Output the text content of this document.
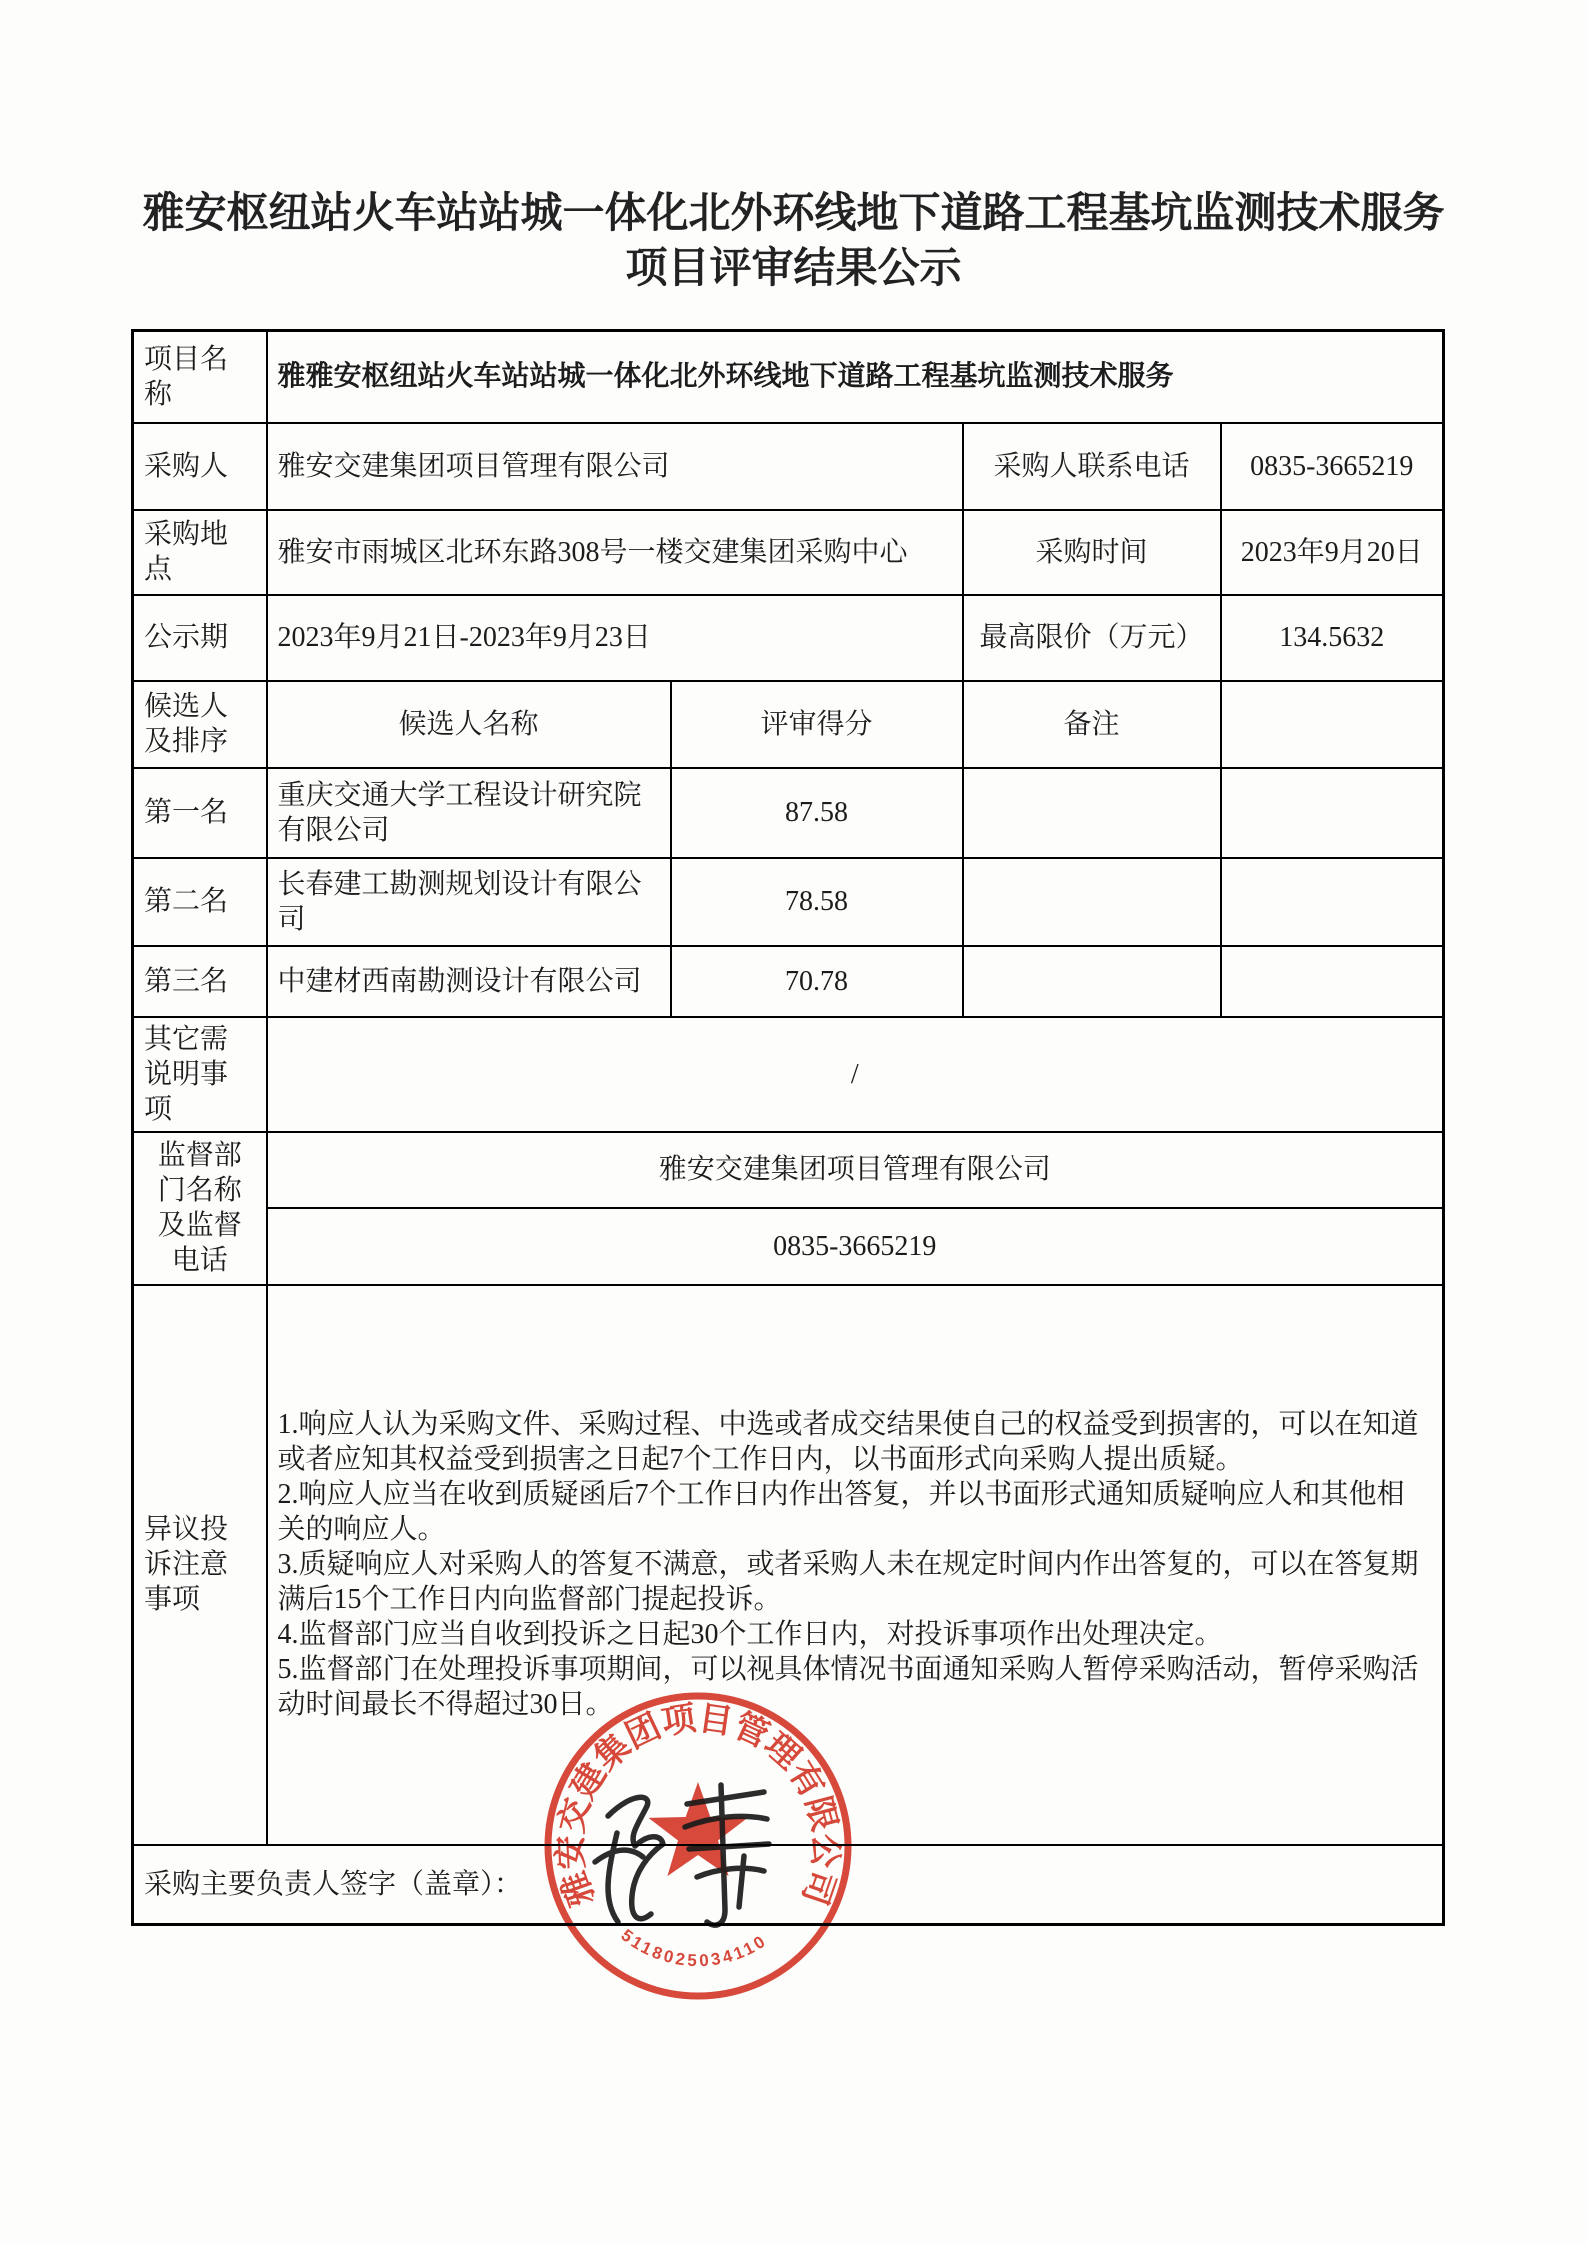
雅安枢纽站火车站站城一体化北外环线地下道路工程基坑监测技术服务
项目评审结果公示
项目名称	雅雅安枢纽站火车站站城一体化北外环线地下道路工程基坑监测技术服务			
采购人	雅安交建集团项目管理有限公司		采购人联系电话	0835-3665219
采购地点	雅安市雨城区北环东路308号一楼交建集团采购中心		采购时间	2023年9月20日
公示期	2023年9月21日-2023年9月23日		最高限价（万元）	134.5632
候选人及排序	候选人名称	评审得分	备注	
第一名	重庆交通大学工程设计研究院有限公司	87.58		
第二名	长春建工勘测规划设计有限公司	78.58		
第三名	中建材西南勘测设计有限公司	70.78		
其它需说明事项	/			
监督部门名称及监督电话	雅安交建集团项目管理有限公司			
	0835-3665219			
异议投诉注意事项	1.响应人认为采购文件、采购过程、中选或者成交结果使自己的权益受到损害的，可以在知道或者应知其权益受到损害之日起7个工作日内，以书面形式向采购人提出质疑。
2.响应人应当在收到质疑函后7个工作日内作出答复，并以书面形式通知质疑响应人和其他相关的响应人。
3.质疑响应人对采购人的答复不满意，或者采购人未在规定时间内作出答复的，可以在答复期满后15个工作日内向监督部门提起投诉。
4.监督部门应当自收到投诉之日起30个工作日内，对投诉事项作出处理决定。
5.监督部门在处理投诉事项期间，可以视具体情况书面通知采购人暂停采购活动，暂停采购活动时间最长不得超过30日。			

采购主要负责人签字（盖章）：				雅安交建集团项目管理有限公司
5118025034110
